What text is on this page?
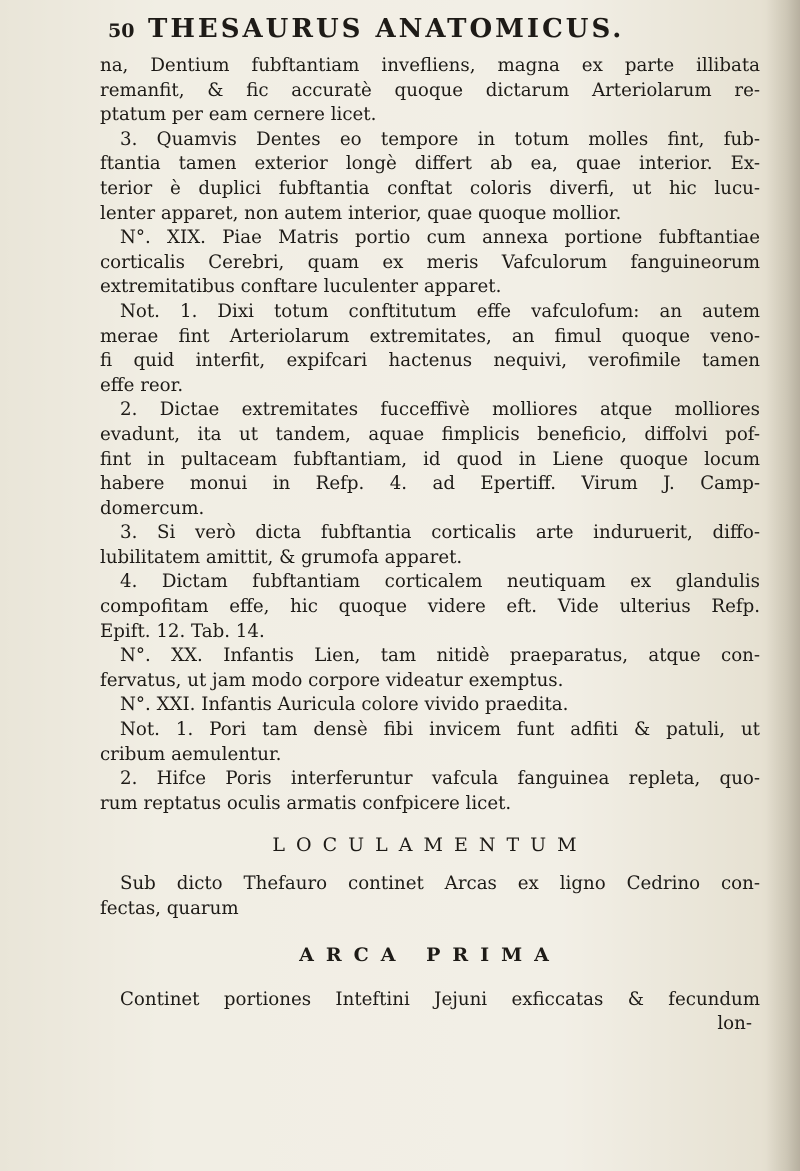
50 THESAURUS ANATOMICUS.
na, Dentium fubftantiam invefliens, magna ex parte illibata
remanfit, & fic accuratè quoque dictarum Arteriolarum re-
ptatum per eam cernere licet.
3. Quamvis Dentes eo tempore in totum molles fint, fub-
ftantia tamen exterior longè differt ab ea, quae interior. Ex-
terior è duplici fubftantia conftat coloris diverfi, ut hic lucu-
lenter apparet, non autem interior, quae quoque mollior.
N°. XIX. Piae Matris portio cum annexa portione fubftantiae
corticalis Cerebri, quam ex meris Vafculorum fanguineorum
extremitatibus conftare luculenter apparet.
Not. 1. Dixi totum conftitutum effe vafculofum: an autem
merae fint Arteriolarum extremitates, an fimul quoque veno-
fi quid interfit, expifcari hactenus nequivi, verofimile tamen
effe reor.
2. Dictae extremitates fucceffivè molliores atque molliores
evadunt, ita ut tandem, aquae fimplicis beneficio, diffolvi pof-
fint in pultaceam fubftantiam, id quod in Liene quoque locum
habere monui in Refp. 4. ad Epertiff. Virum J. Camp-
domercum.
3. Si verò dicta fubftantia corticalis arte induruerit, diffo-
lubilitatem amittit, & grumofa apparet.
4. Dictam fubftantiam corticalem neutiquam ex glandulis
compofitam effe, hic quoque videre eft. Vide ulterius Refp.
Epift. 12. Tab. 14.
N°. XX. Infantis Lien, tam nitidè praeparatus, atque con-
fervatus, ut jam modo corpore videatur exemptus.
N°. XXI. Infantis Auricula colore vivido praedita.
Not. 1. Pori tam densè fibi invicem funt adfiti & patuli, ut
cribum aemulentur.
2. Hifce Poris interferuntur vafcula fanguinea repleta, quo-
rum reptatus oculis armatis confpicere licet.
LOCULAMENTUM
Sub dicto Thefauro continet Arcas ex ligno Cedrino con-
fectas, quarum
ARCA PRIMA
Continet portiones Inteftini Jejuni exficcatas & fecundum
lon-
